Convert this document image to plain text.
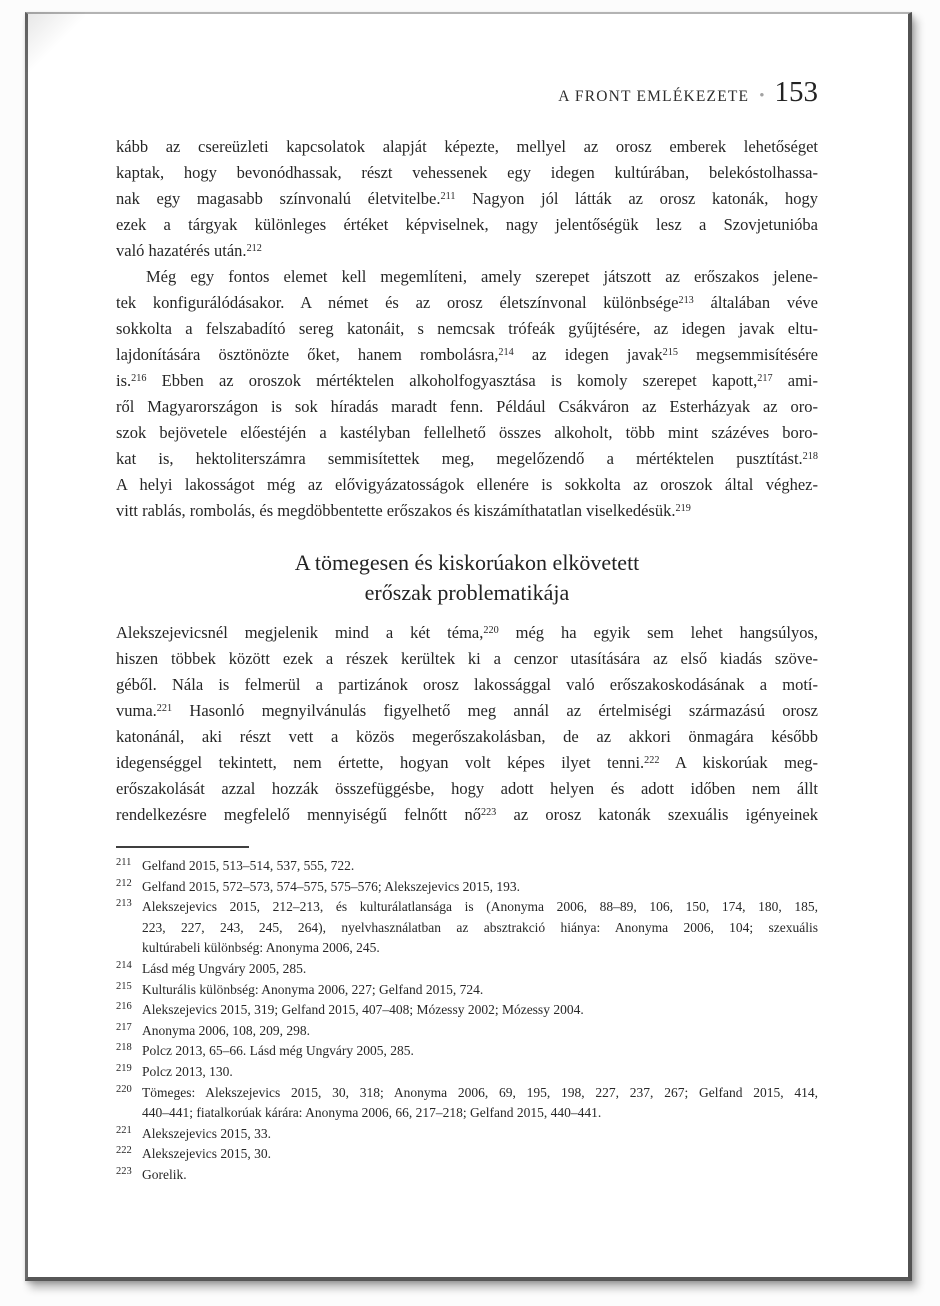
A FRONT EMLÉKEZETE • 153
kább az csereüzleti kapcsolatok alapját képezte, mellyel az orosz emberek lehetőséget
kaptak, hogy bevonódhassak, részt vehessenek egy idegen kultúrában, belekóstolhassa-
nak egy magasabb színvonalú életvitelbe.$^{211}$ Nagyon jól látták az orosz katonák, hogy
ezek a tárgyak különleges értéket képviselnek, nagy jelentőségük lesz a Szovjetunióba
való hazatérés után.$^{212}$
Még egy fontos elemet kell megemlíteni, amely szerepet játszott az erőszakos jelene-
tek konfigurálódásakor. A német és az orosz életszínvonal különbsége$^{213}$ általában véve
sokkolta a felszabadító sereg katonáit, s nemcsak trófeák gyűjtésére, az idegen javak eltu-
lajdonítására ösztönözte őket, hanem rombolásra,$^{214}$ az idegen javak$^{215}$ megsemmisítésére
is.$^{216}$ Ebben az oroszok mértéktelen alkoholfogyasztása is komoly szerepet kapott,$^{217}$ ami-
ről Magyarországon is sok híradás maradt fenn. Például Csákváron az Esterházyak az oro-
szok bejövetele előestéjén a kastélyban fellelhető összes alkoholt, több mint százéves boro-
kat is, hektoliterszámra semmisítettek meg, megelőzendő a mértéktelen pusztítást.$^{218}$
A helyi lakosságot még az elővigyázatosságok ellenére is sokkolta az oroszok által véghez-
vitt rablás, rombolás, és megdöbbentette erőszakos és kiszámíthatatlan viselkedésük.$^{219}$
A tömegesen és kiskorúakon elkövetett
erőszak problematikája
Alekszejevicsnél megjelenik mind a két téma,$^{220}$ még ha egyik sem lehet hangsúlyos,
hiszen többek között ezek a részek kerültek ki a cenzor utasítására az első kiadás szöve-
géből. Nála is felmerül a partizánok orosz lakossággal való erőszakoskodásának a motí-
vuma.$^{221}$ Hasonló megnyilvánulás figyelhető meg annál az értelmiségi származású orosz
katonánál, aki részt vett a közös megerőszakolásban, de az akkori önmagára később
idegenséggel tekintett, nem értette, hogyan volt képes ilyet tenni.$^{222}$ A kiskorúak meg-
erőszakolását azzal hozzák összefüggésbe, hogy adott helyen és adott időben nem állt
rendelkezésre megfelelő mennyiségű felnőtt nő$^{223}$ az orosz katonák szexuális igényeinek
211 Gelfand 2015, 513–514, 537, 555, 722.
212 Gelfand 2015, 572–573, 574–575, 575–576; Alekszejevics 2015, 193.
213 Alekszejevics 2015, 212–213, és kulturálatlansága is (Anonyma 2006, 88–89, 106, 150, 174, 180, 185,
223, 227, 243, 245, 264), nyelvhasználatban az absztrakció hiánya: Anonyma 2006, 104; szexuális
kultúrabeli különbség: Anonyma 2006, 245.
214 Lásd még Ungváry 2005, 285.
215 Kulturális különbség: Anonyma 2006, 227; Gelfand 2015, 724.
216 Alekszejevics 2015, 319; Gelfand 2015, 407–408; Mózessy 2002; Mózessy 2004.
217 Anonyma 2006, 108, 209, 298.
218 Polcz 2013, 65–66. Lásd még Ungváry 2005, 285.
219 Polcz 2013, 130.
220 Tömeges: Alekszejevics 2015, 30, 318; Anonyma 2006, 69, 195, 198, 227, 237, 267; Gelfand 2015, 414,
440–441; fiatalkorúak kárára: Anonyma 2006, 66, 217–218; Gelfand 2015, 440–441.
221 Alekszejevics 2015, 33.
222 Alekszejevics 2015, 30.
223 Gorelik.
